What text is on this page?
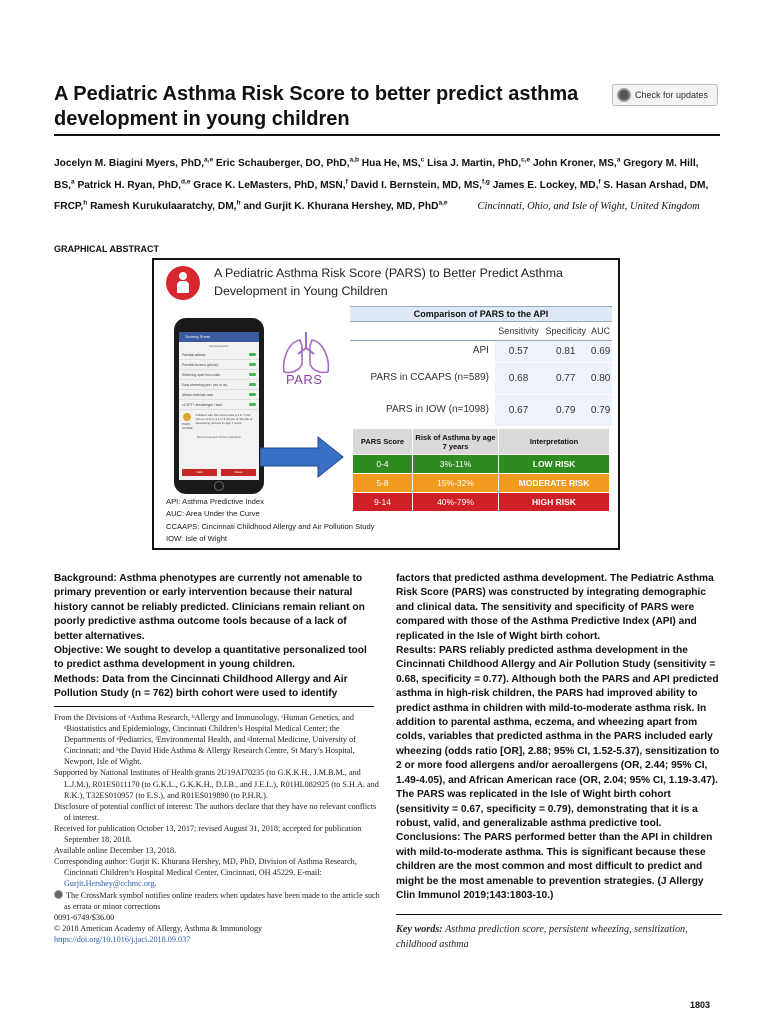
A Pediatric Asthma Risk Score to better predict asthma development in young children
Check for updates
Jocelyn M. Biagini Myers, PhD,$^{a,e}$ Eric Schauberger, DO, PhD,$^{a,b}$ Hua He, MS,$^c$ Lisa J. Martin, PhD,$^{c,e}$ John Kroner, MS,$^a$ Gregory M. Hill, BS,$^a$ Patrick H. Ryan, PhD,$^{d,e}$ Grace K. LeMasters, PhD, MSN,$^f$ David I. Bernstein, MD, MS,$^{f,g}$ James E. Lockey, MD,$^f$ S. Hasan Arshad, DM, FRCP,$^h$ Ramesh Kurukulaaratchy, DM,$^h$ and Gurjit K. Khurana Hershey, MD, PhD$^{a,e}$	Cincinnati, Ohio, and Isle of Wight, United Kingdom
GRAPHICAL ABSTRACT
A Pediatric Asthma Risk Score (PARS) to Better Predict Asthma Development in Young Children
Scoring Sheet
Demographics
Parental asthma
Parental eczema (yes/no)
Wheezing apart from colds
Early wheezing (yes / yes or no)
African American race
≥2 SPT+ aeroallergen / food
PARS SCORE
Children with this score have a 1 in 7 risk (Score of 9) to a 1 in 3 (Score of 14) risk of developing asthma by age 7 years
Recommended further evaluation
Calc	Reset
PARS
Comparison of PARS to the API
	Sensitivity	Specificity	AUC
API	0.57	0.81	0.69
PARS in CCAAPS (n=589)	0.68	0.77	0.80
PARS in IOW (n=1098)	0.67	0.79	0.79
PARS Score	Risk of Asthma by age 7 years	Interpretation
0-4	3%-11%	LOW RISK
5-8	15%-32%	MODERATE RISK
9-14	40%-79%	HIGH RISK
API: Asthma Predictive Index
AUC: Area Under the Curve
CCAAPS: Cincinnati Childhood Allergy and Air Pollution Study
IOW: Isle of Wight
Background: Asthma phenotypes are currently not amenable to primary prevention or early intervention because their natural history cannot be reliably predicted. Clinicians remain reliant on poorly predictive asthma outcome tools because of a lack of better alternatives.
Objective: We sought to develop a quantitative personalized tool to predict asthma development in young children.
Methods: Data from the Cincinnati Childhood Allergy and Air Pollution Study (n = 762) birth cohort were used to identify
factors that predicted asthma development. The Pediatric Asthma Risk Score (PARS) was constructed by integrating demographic and clinical data. The sensitivity and specificity of PARS were compared with those of the Asthma Predictive Index (API) and replicated in the Isle of Wight birth cohort.
Results: PARS reliably predicted asthma development in the Cincinnati Childhood Allergy and Air Pollution Study (sensitivity = 0.68, specificity = 0.77). Although both the PARS and API predicted asthma in high-risk children, the PARS had improved ability to predict asthma in children with mild-to-moderate asthma risk. In addition to parental asthma, eczema, and wheezing apart from colds, variables that predicted asthma in the PARS included early wheezing (odds ratio [OR], 2.88; 95% CI, 1.52-5.37), sensitization to 2 or more food allergens and/or aeroallergens (OR, 2.44; 95% CI, 1.49-4.05), and African American race (OR, 2.04; 95% CI, 1.19-3.47). The PARS was replicated in the Isle of Wight birth cohort (sensitivity = 0.67, specificity = 0.79), demonstrating that it is a robust, valid, and generalizable asthma predictive tool.
Conclusions: The PARS performed better than the API in children with mild-to-moderate asthma. This is significant because these children are the most common and most difficult to predict and might be the most amenable to prevention strategies. (J Allergy Clin Immunol 2019;143:1803-10.)

From the Divisions of ᵃAsthma Research, ᵇAllergy and Immunology, ᶜHuman Genetics, and ᵈBiostatistics and Epidemiology, Cincinnati Children’s Hospital Medical Center; the Departments of ᵉPediatrics, ᶠEnvironmental Health, and ᵍInternal Medicine, University of Cincinnati; and ʰthe David Hide Asthma & Allergy Research Centre, St Mary’s Hospital, Newport, Isle of Wight.

Supported by National Institutes of Health grants 2U19AI70235 (to G.K.K.H., J.M.B.M., and L.J.M.), R01ES011170 (to G.K.L., G.K.K.H., D.I.B., and J.E.L.), R01HL082925 (to S.H.A. and R.K.), T32ES010957 (to E.S.), and R01ES019890 (to P.H.R.).

Disclosure of potential conflict of interest: The authors declare that they have no relevant conflicts of interest.

Received for publication October 13, 2017; revised August 31, 2018; accepted for publication September 18, 2018.

Available online December 13, 2018.

Corresponding author: Gurjit K. Khurana Hershey, MD, PhD, Division of Asthma Research, Cincinnati Children’s Hospital Medical Center, Cincinnati, OH 45229. E-mail: Gurjit.Hershey@cchmc.org.

The CrossMark symbol notifies online readers when updates have been made to the article such as errata or minor corrections

0091-6749/$36.00

© 2018 American Academy of Allergy, Asthma & Immunology

https://doi.org/10.1016/j.jaci.2018.09.037

Key words: Asthma prediction score, persistent wheezing, sensitization, childhood asthma
1803
